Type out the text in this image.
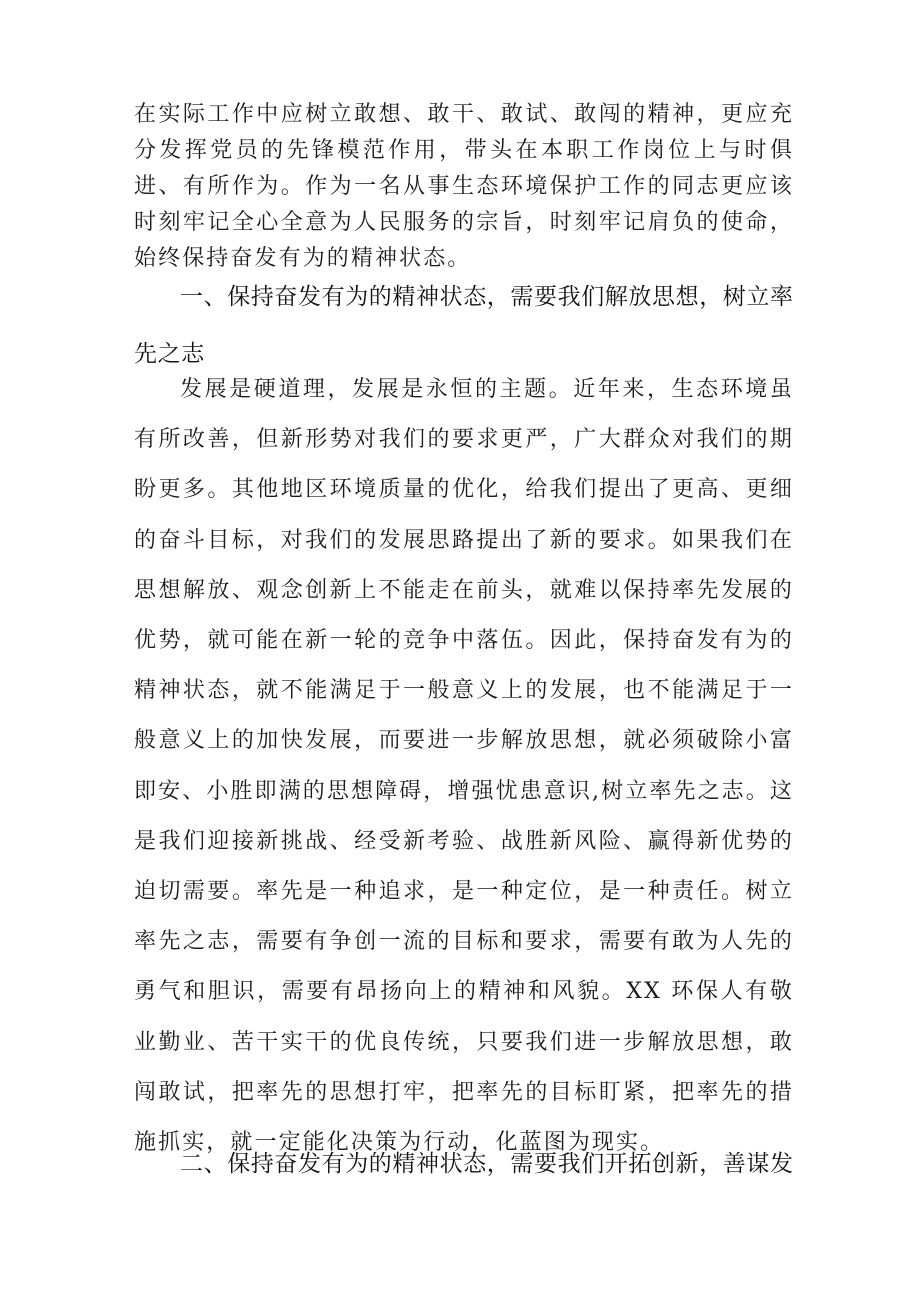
在实际工作中应树立敢想、敢干、敢试、敢闯的精神，更应充分发挥党员的先锋模范作用，带头在本职工作岗位上与时俱进、有所作为。作为一名从事生态环境保护工作的同志更应该时刻牢记全心全意为人民服务的宗旨，时刻牢记肩负的使命，始终保持奋发有为的精神状态。

一、保持奋发有为的精神状态，需要我们解放思想，树立率先之志

发展是硬道理，发展是永恒的主题。近年来，生态环境虽有所改善，但新形势对我们的要求更严，广大群众对我们的期盼更多。其他地区环境质量的优化，给我们提出了更高、更细的奋斗目标，对我们的发展思路提出了新的要求。如果我们在思想解放、观念创新上不能走在前头，就难以保持率先发展的优势，就可能在新一轮的竞争中落伍。因此，保持奋发有为的精神状态，就不能满足于一般意义上的发展，也不能满足于一般意义上的加快发展，而要进一步解放思想，就必须破除小富即安、小胜即满的思想障碍，增强忧患意识,树立率先之志。这是我们迎接新挑战、经受新考验、战胜新风险、赢得新优势的迫切需要。率先是一种追求，是一种定位，是一种责任。树立率先之志，需要有争创一流的目标和要求，需要有敢为人先的勇气和胆识，需要有昂扬向上的精神和风貌。XX 环保人有敬业勤业、苦干实干的优良传统，只要我们进一步解放思想，敢闯敢试，把率先的思想打牢，把率先的目标盯紧，把率先的措施抓实，就一定能化决策为行动，化蓝图为现实。

二、保持奋发有为的精神状态，需要我们开拓创新，善谋发
